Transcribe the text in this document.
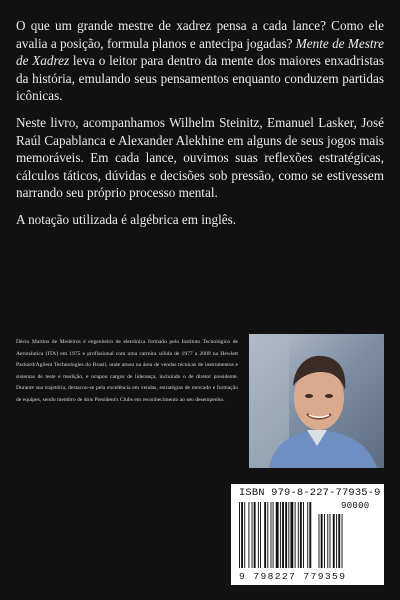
O que um grande mestre de xadrez pensa a cada lance? Como ele avalia a posição, formula planos e antecipa jogadas? Mente de Mestre de Xadrez leva o leitor para dentro da mente dos maiores enxadristas da história, emulando seus pensamentos enquanto conduzem partidas icônicas.

Neste livro, acompanhamos Wilhelm Steinitz, Emanuel Lasker, José Raúl Capablanca e Alexander Alekhine em alguns de seus jogos mais memoráveis. Em cada lance, ouvimos suas reflexões estratégicas, cálculos táticos, dúvidas e decisões sob pressão, como se estivessem narrando seu próprio processo mental.

A notação utilizada é algébrica em inglês.

Décio Martins de Medeiros é engenheiro de eletrônica formado pelo Instituto Tecnológico de Aeronáutica (ITA) em 1975 e profissional com uma carreira sólida de 1977 a 2009 na Hewlett Packard/Agilent Technologies do Brasil, onde atuou na área de vendas técnicas de instrumentos e sistemas de teste e medição, e ocupou cargos de liderança, incluindo o de diretor presidente. Durante sua trajetória, destacou-se pela excelência em vendas, estratégias de mercado e formação de equipes, sendo membro de dois President's Clubs em reconhecimento ao seu desempenho.
ISBN 979-8-227-77935-9
90000
9 798227 779359
